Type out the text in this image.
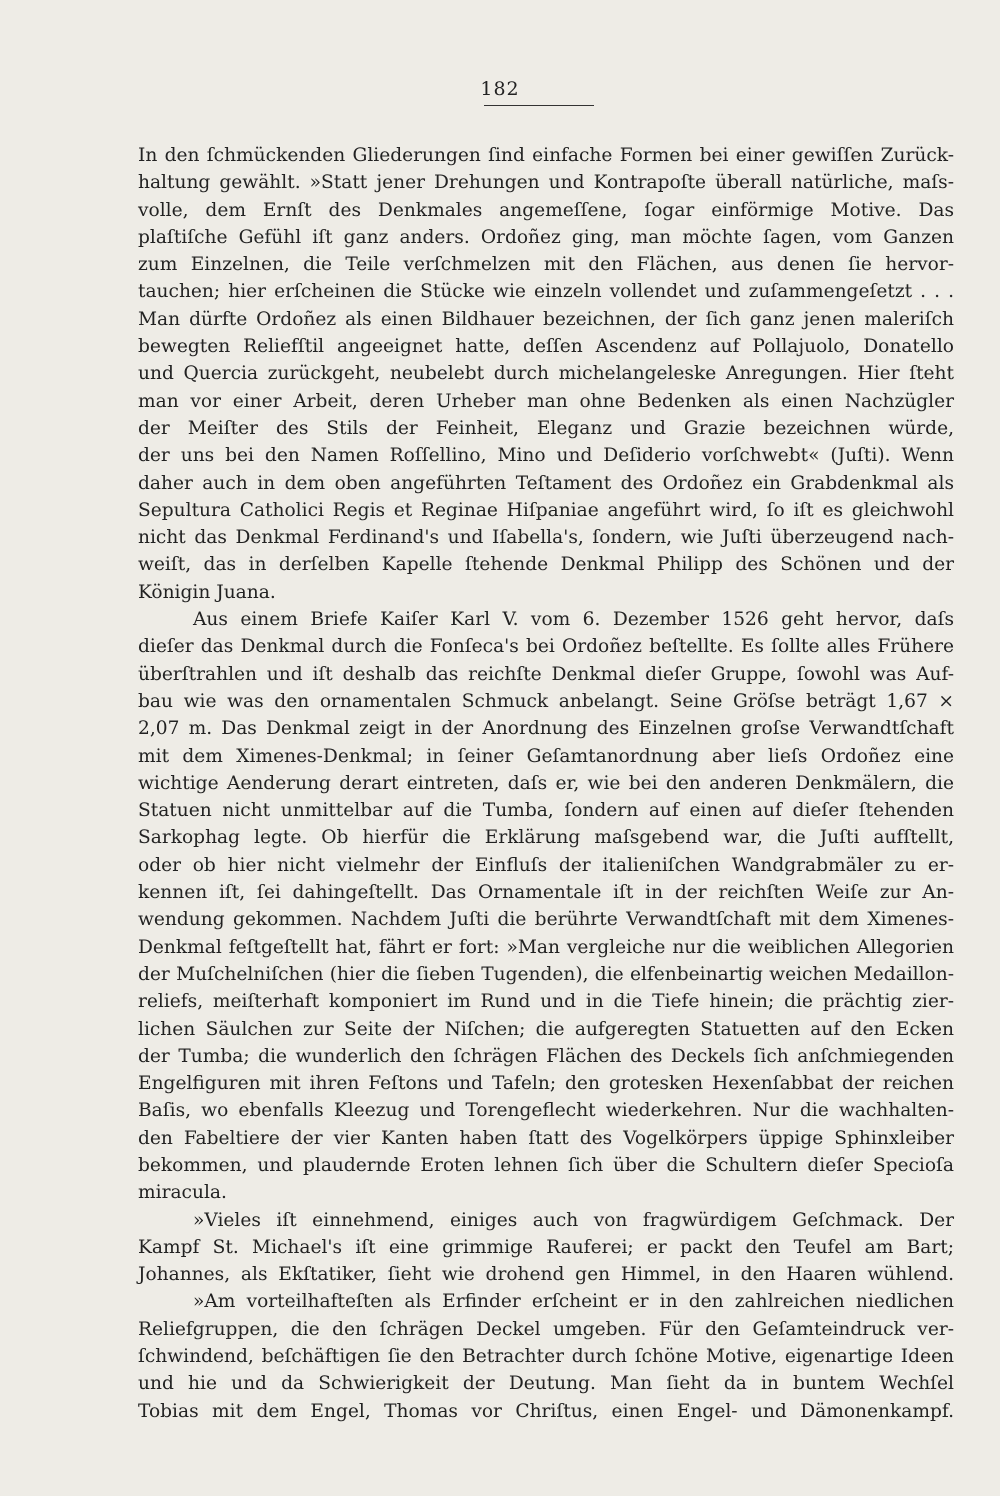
182
In den ſchmückenden Gliederungen ſind einfache Formen bei einer gewiſſen Zurück-
haltung gewählt. »Statt jener Drehungen und Kontrapoſte überall natürliche, maſs-
volle, dem Ernſt des Denkmales angemeſſene, ſogar einförmige Motive. Das
plaſtiſche Gefühl iſt ganz anders. Ordoñez ging, man möchte ſagen, vom Ganzen
zum Einzelnen, die Teile verſchmelzen mit den Flächen, aus denen ſie hervor-
tauchen; hier erſcheinen die Stücke wie einzeln vollendet und zuſammengeſetzt . . .
Man dürfte Ordoñez als einen Bildhauer bezeichnen, der ſich ganz jenen maleriſch
bewegten Reliefſtil angeeignet hatte, deſſen Ascendenz auf Pollajuolo, Donatello
und Quercia zurückgeht, neubelebt durch michelangeleske Anregungen. Hier ſteht
man vor einer Arbeit, deren Urheber man ohne Bedenken als einen Nachzügler
der Meiſter des Stils der Feinheit, Eleganz und Grazie bezeichnen würde,
der uns bei den Namen Roſſellino, Mino und Deſiderio vorſchwebt« (Juſti). Wenn
daher auch in dem oben angeführten Teſtament des Ordoñez ein Grabdenkmal als
Sepultura Catholici Regis et Reginae Hiſpaniae angeführt wird, ſo iſt es gleichwohl
nicht das Denkmal Ferdinand's und Iſabella's, ſondern, wie Juſti überzeugend nach-
weiſt, das in derſelben Kapelle ſtehende Denkmal Philipp des Schönen und der
Königin Juana.
Aus einem Briefe Kaiſer Karl V. vom 6. Dezember 1526 geht hervor, daſs
dieſer das Denkmal durch die Fonſeca's bei Ordoñez beſtellte. Es ſollte alles Frühere
überſtrahlen und iſt deshalb das reichſte Denkmal dieſer Gruppe, ſowohl was Auf-
bau wie was den ornamentalen Schmuck anbelangt. Seine Gröſse beträgt 1,67 ×
2,07 m. Das Denkmal zeigt in der Anordnung des Einzelnen groſse Verwandtſchaft
mit dem Ximenes-Denkmal; in ſeiner Geſamtanordnung aber lieſs Ordoñez eine
wichtige Aenderung derart eintreten, daſs er, wie bei den anderen Denkmälern, die
Statuen nicht unmittelbar auf die Tumba, ſondern auf einen auf dieſer ſtehenden
Sarkophag legte. Ob hierfür die Erklärung maſsgebend war, die Juſti aufſtellt,
oder ob hier nicht vielmehr der Einfluſs der italieniſchen Wandgrabmäler zu er-
kennen iſt, ſei dahingeſtellt. Das Ornamentale iſt in der reichſten Weiſe zur An-
wendung gekommen. Nachdem Juſti die berührte Verwandtſchaft mit dem Ximenes-
Denkmal feſtgeſtellt hat, fährt er fort: »Man vergleiche nur die weiblichen Allegorien
der Muſchelniſchen (hier die ſieben Tugenden), die elfenbeinartig weichen Medaillon-
reliefs, meiſterhaft komponiert im Rund und in die Tiefe hinein; die prächtig zier-
lichen Säulchen zur Seite der Niſchen; die aufgeregten Statuetten auf den Ecken
der Tumba; die wunderlich den ſchrägen Flächen des Deckels ſich anſchmiegenden
Engelfiguren mit ihren Feſtons und Tafeln; den grotesken Hexenſabbat der reichen
Baſis, wo ebenfalls Kleezug und Torengeflecht wiederkehren. Nur die wachhalten-
den Fabeltiere der vier Kanten haben ſtatt des Vogelkörpers üppige Sphinxleiber
bekommen, und plaudernde Eroten lehnen ſich über die Schultern dieſer Specioſa
miracula.
»Vieles iſt einnehmend, einiges auch von fragwürdigem Geſchmack. Der
Kampf St. Michael's iſt eine grimmige Rauferei; er packt den Teufel am Bart;
Johannes, als Ekſtatiker, ſieht wie drohend gen Himmel, in den Haaren wühlend.
»Am vorteilhafteſten als Erfinder erſcheint er in den zahlreichen niedlichen
Reliefgruppen, die den ſchrägen Deckel umgeben. Für den Geſamteindruck ver-
ſchwindend, beſchäftigen ſie den Betrachter durch ſchöne Motive, eigenartige Ideen
und hie und da Schwierigkeit der Deutung. Man ſieht da in buntem Wechſel
Tobias mit dem Engel, Thomas vor Chriſtus, einen Engel- und Dämonenkampf.
